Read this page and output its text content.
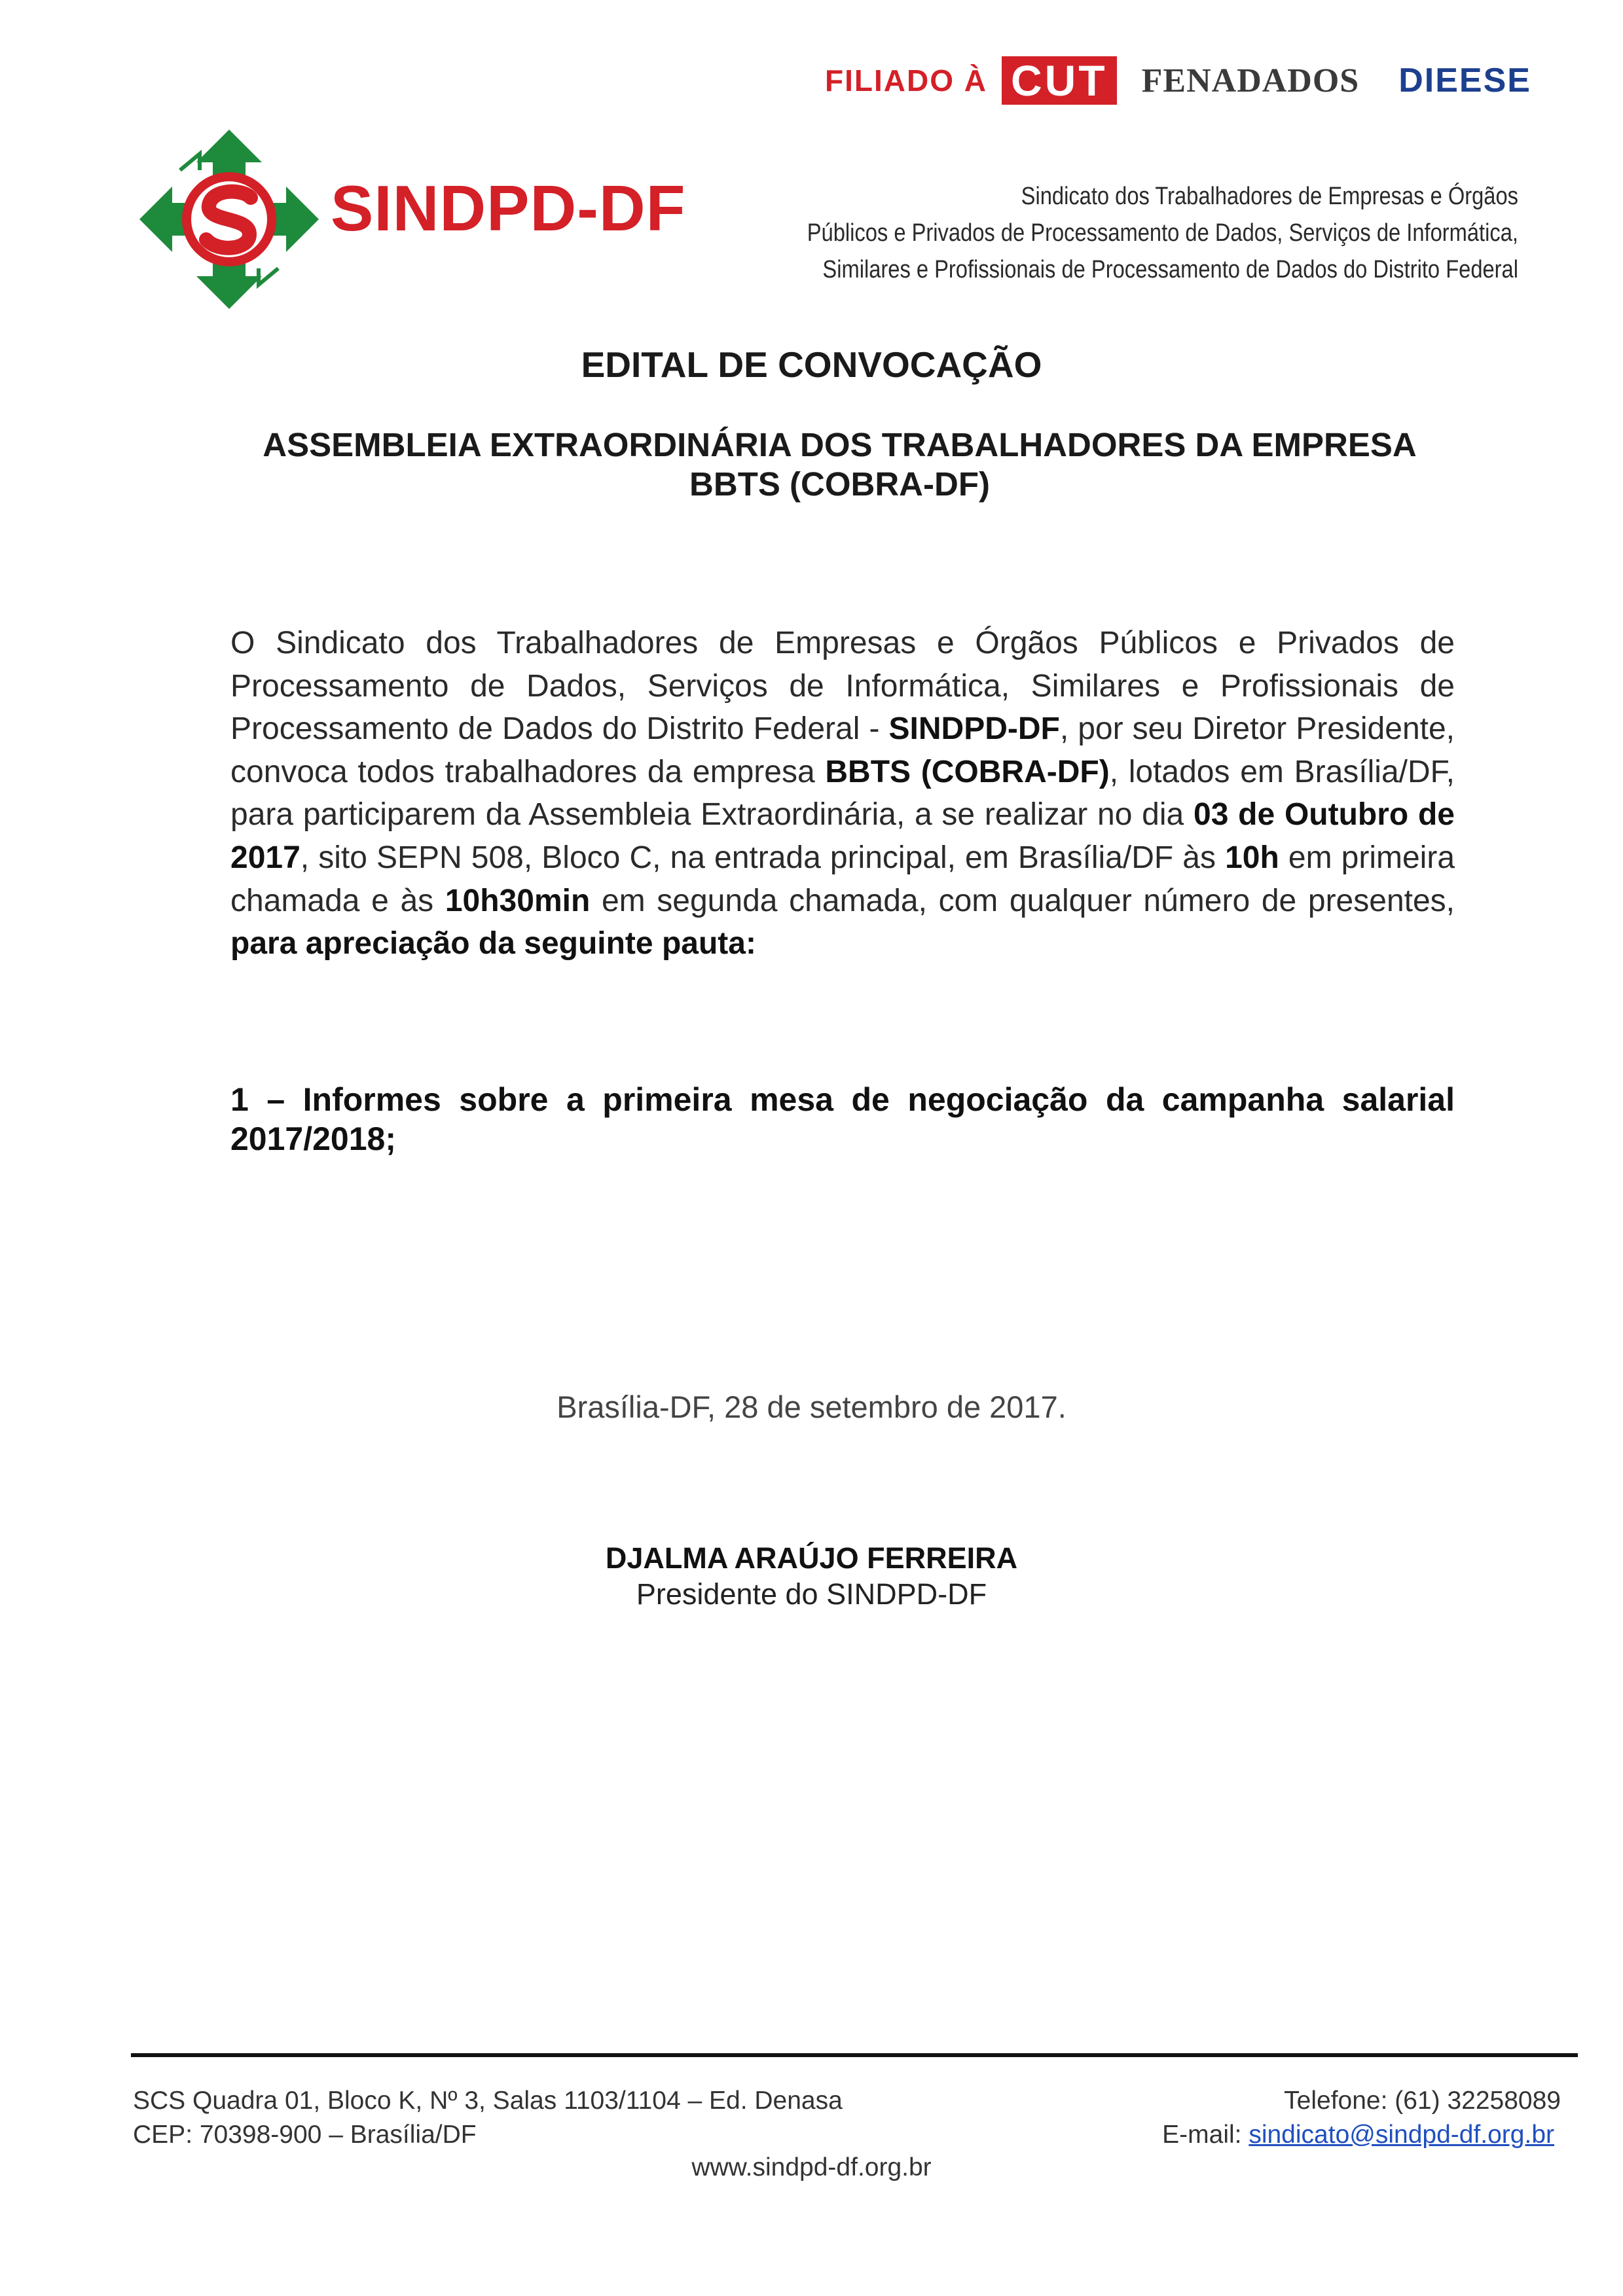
FILIADO À CUT FENADADOS DIEESE
SINDPD-DF	Sindicato dos Trabalhadores de Empresas e Órgãos
Públicos e Privados de Processamento de Dados, Serviços de Informática,
Similares e Profissionais de Processamento de Dados do Distrito Federal
EDITAL DE CONVOCAÇÃO
ASSEMBLEIA EXTRAORDINÁRIA DOS TRABALHADORES DA EMPRESA
BBTS (COBRA-DF)
O Sindicato dos Trabalhadores de Empresas e Órgãos Públicos e Privados de Processamento de Dados, Serviços de Informática, Similares e Profissionais de Processamento de Dados do Distrito Federal - SINDPD-DF, por seu Diretor Presidente, convoca todos trabalhadores da empresa BBTS (COBRA-DF), lotados em Brasília/DF, para participarem da Assembleia Extraordinária, a se realizar no dia 03 de Outubro de 2017, sito SEPN 508, Bloco C, na entrada principal, em Brasília/DF às 10h em primeira chamada e às 10h30min em segunda chamada, com qualquer número de presentes, para apreciação da seguinte pauta:
1 – Informes sobre a primeira mesa de negociação da campanha salarial
2017/2018;
Brasília-DF, 28 de setembro de 2017.
DJALMA ARAÚJO FERREIRA
Presidente do SINDPD-DF
SCS Quadra 01, Bloco K, Nº 3, Salas 1103/1104 – Ed. Denasa
CEP: 70398-900 – Brasília/DF
Telefone: (61) 32258089
E-mail: sindicato@sindpd-df.org.br
www.sindpd-df.org.br
